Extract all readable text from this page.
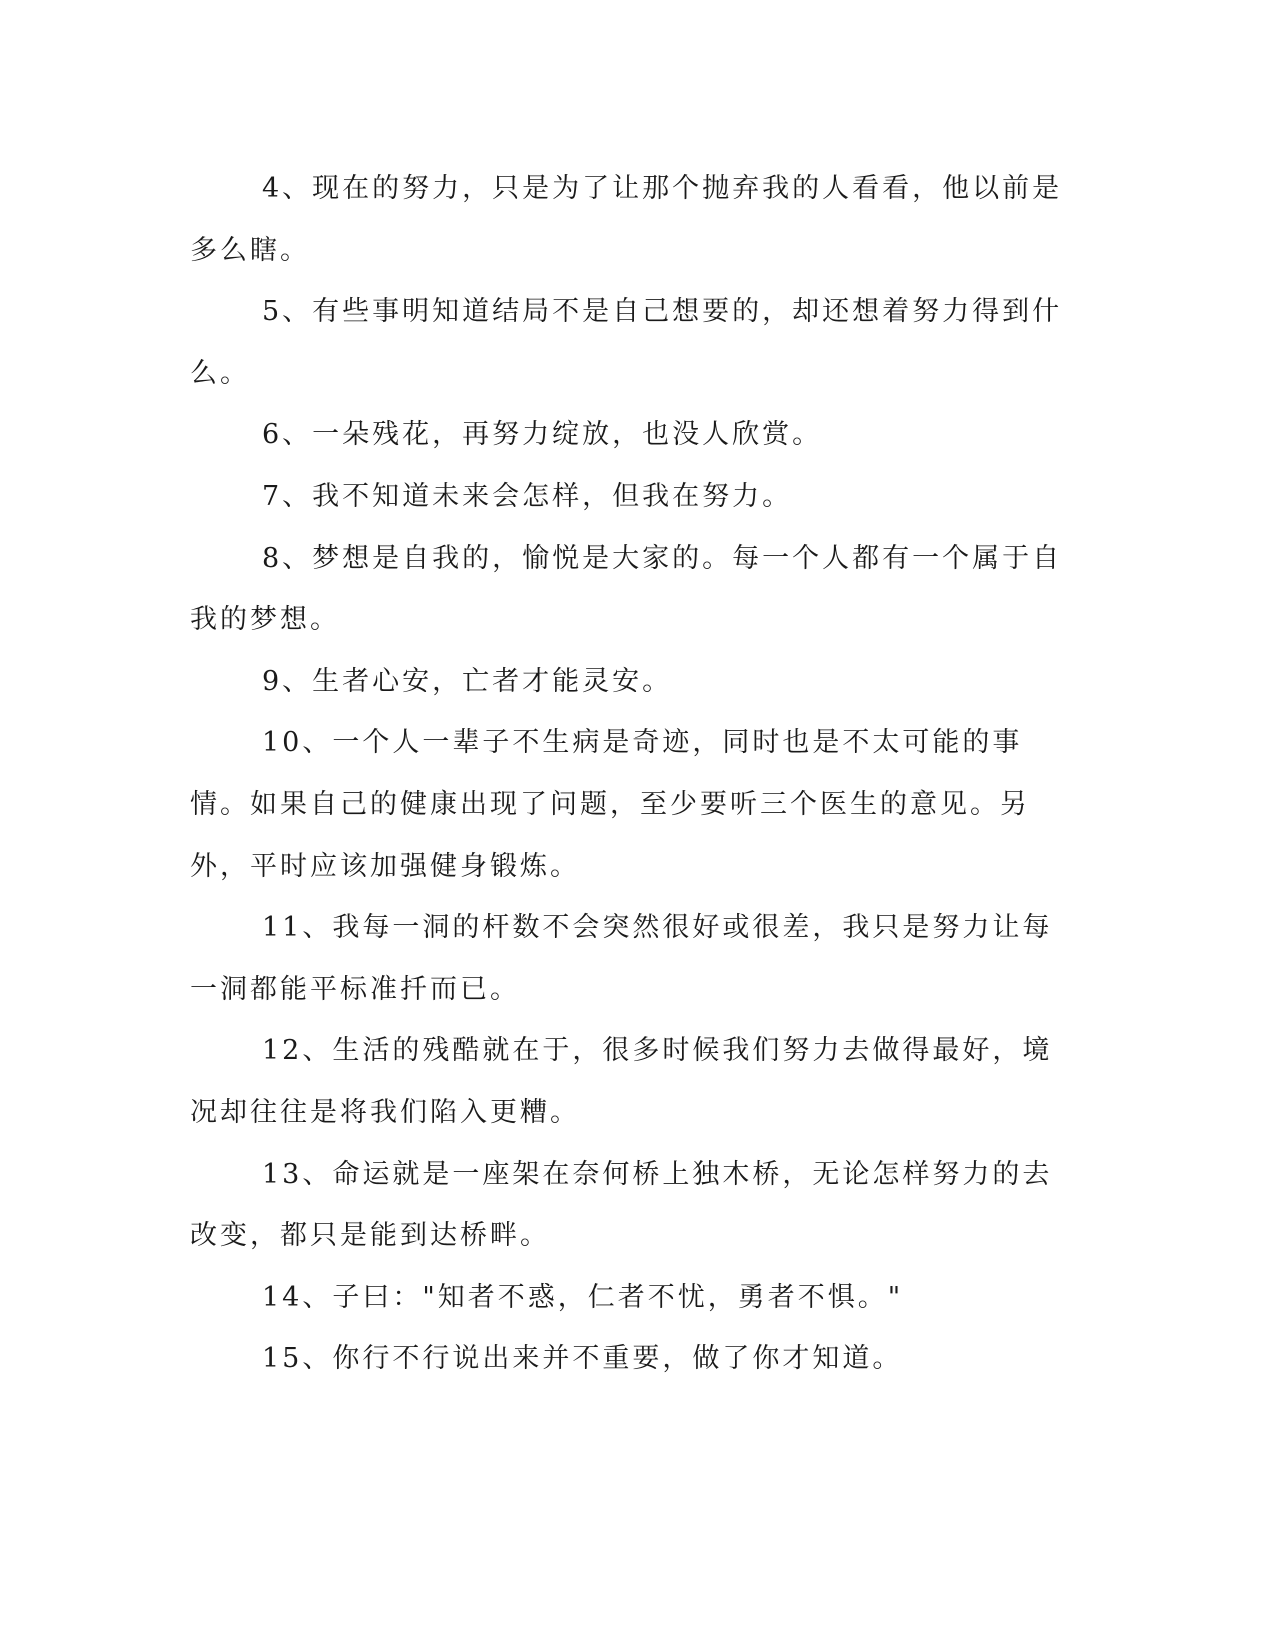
4、现在的努力，只是为了让那个抛弃我的人看看，他以前是多么瞎。

5、有些事明知道结局不是自己想要的，却还想着努力得到什么。

6、一朵残花，再努力绽放，也没人欣赏。

7、我不知道未来会怎样，但我在努力。

8、梦想是自我的，愉悦是大家的。每一个人都有一个属于自我的梦想。

9、生者心安，亡者才能灵安。

10、一个人一辈子不生病是奇迹，同时也是不太可能的事情。如果自己的健康出现了问题，至少要听三个医生的意见。另外，平时应该加强健身锻炼。

11、我每一洞的杆数不会突然很好或很差，我只是努力让每一洞都能平标准扦而已。

12、生活的残酷就在于，很多时候我们努力去做得最好，境况却往往是将我们陷入更糟。

13、命运就是一座架在奈何桥上独木桥，无论怎样努力的去改变，都只是能到达桥畔。

14、子曰："知者不惑，仁者不忧，勇者不惧。"

15、你行不行说出来并不重要，做了你才知道。
